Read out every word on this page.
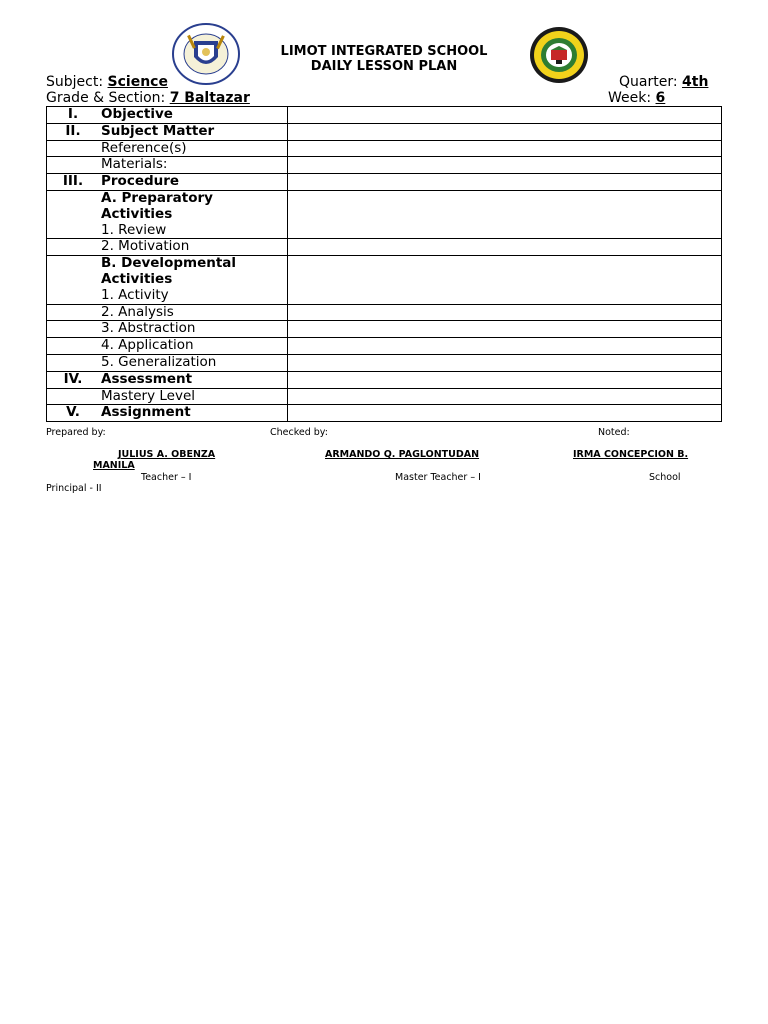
LIMOT INTEGRATED SCHOOL
DAILY LESSON PLAN
Subject: Science	Quarter: 4th
Grade & Section: 7 Baltazar	Week: 6
I.	Objective	
II.	Subject Matter	
	Reference(s)	
	Materials:	
III.	Procedure	

	A. Preparatory Activities
1. Review	

	2. Motivation	

	B. Developmental Activities
1. Activity	

	2. Analysis	
	3. Abstraction	
	4. Application	
	5. Generalization	
IV.	Assessment	
	Mastery Level	
V.	Assignment	
Prepared by:	Checked by:	Noted:
JULIUS A. OBENZA	ARMANDO Q. PAGLONTUDAN	IRMA CONCEPCION B.
MANILA
Teacher – I	Master Teacher – I	School
Principal - II
